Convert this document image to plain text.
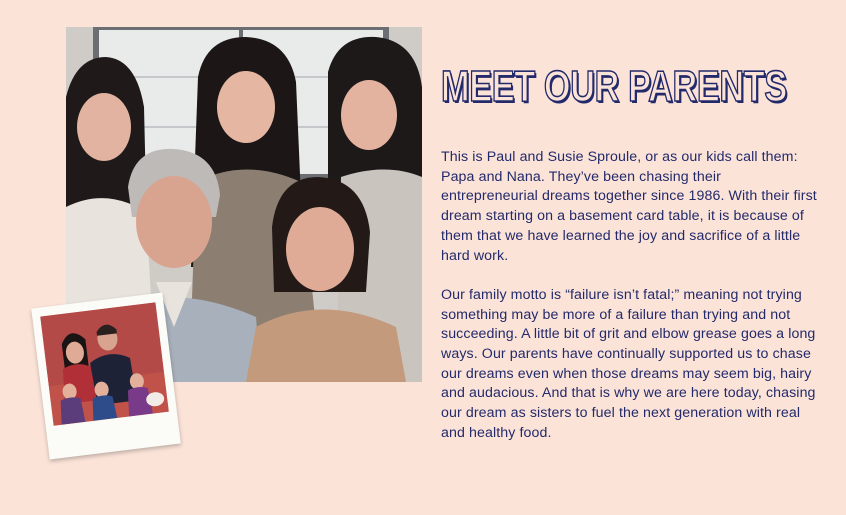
MEET OUR PARENTS

This is Paul and Susie Sproule, or as our kids call them: Papa and Nana. They’ve been chasing their entrepreneurial dreams together since 1986. With their first dream starting on a basement card table, it is because of them that we have learned the joy and sacrifice of a little hard work.

Our family motto is “failure isn’t fatal;” meaning not trying something may be more of a failure than trying and not succeeding. A little bit of grit and elbow grease goes a long ways. Our parents have continually supported us to chase our dreams even when those dreams may seem big, hairy and audacious. And that is why we are here today, chasing our dream as sisters to fuel the next generation with real and healthy food.
